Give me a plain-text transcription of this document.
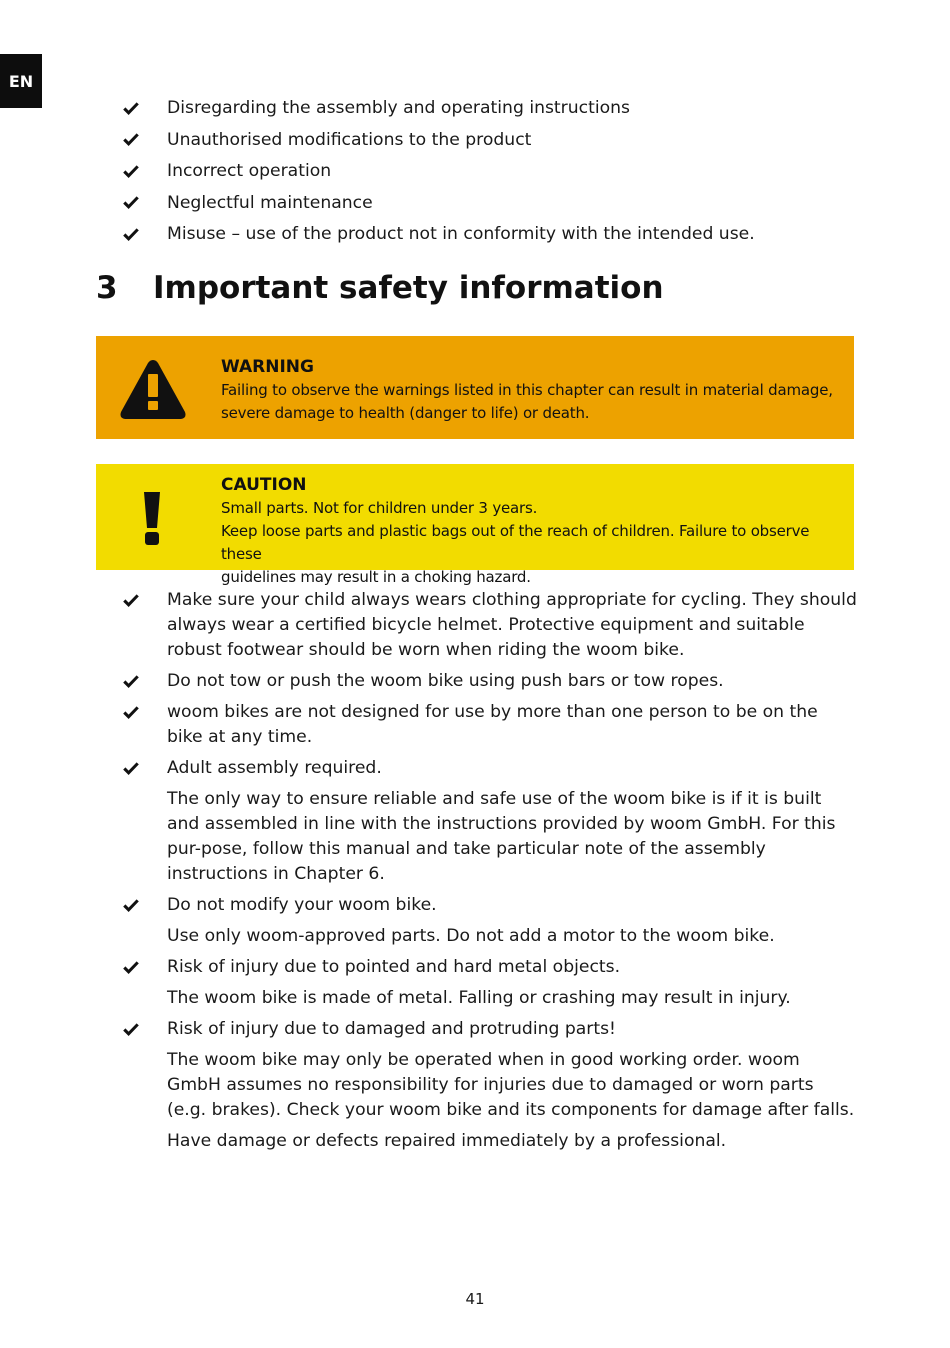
EN
Disregarding the assembly and operating instructions
Unauthorised modifications to the product
Incorrect operation
Neglectful maintenance
Misuse – use of the product not in conformity with the intended use.
3	Important safety information
WARNING
Failing to observe the warnings listed in this chapter can result in material damage,
severe damage to health (danger to life) or death.
CAUTION
Small parts. Not for children under 3 years.
Keep loose parts and plastic bags out of the reach of children. Failure to observe these
guidelines may result in a choking hazard.
Make sure your child always wears clothing appropriate for cycling. They should always wear a certified bicycle helmet. Protective equipment and suitable robust footwear should be worn when riding the woom bike.
Do not tow or push the woom bike using push bars or tow ropes.
woom bikes are not designed for use by more than one person to be on the bike at any time.
Adult assembly required.
The only way to ensure reliable and safe use of the woom bike is if it is built and assembled in line with the instructions provided by woom GmbH. For this pur-pose, follow this manual and take particular note of the assembly instructions in Chapter 6.
Do not modify your woom bike.
Use only woom-approved parts. Do not add a motor to the woom bike.
Risk of injury due to pointed and hard metal objects.
The woom bike is made of metal. Falling or crashing may result in injury.
Risk of injury due to damaged and protruding parts!
The woom bike may only be operated when in good working order. woom GmbH assumes no responsibility for injuries due to damaged or worn parts (e.g. brakes). Check your woom bike and its components for damage after falls.
Have damage or defects repaired immediately by a professional.
41
